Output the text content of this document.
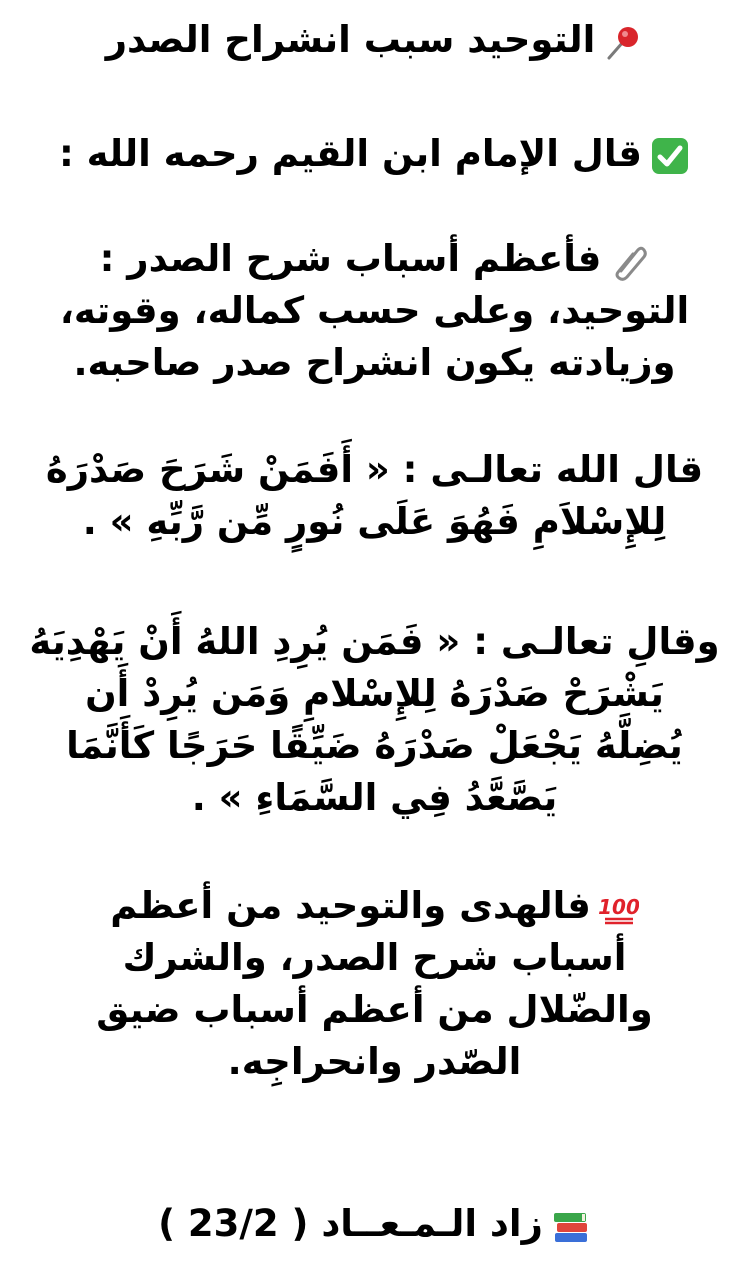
التوحيد سبب انشراح الصدر
قال الإمام ابن القيم رحمه الله :
فأعظم أسباب شرح الصدر :
التوحيد، وعلى حسب كماله، وقوته،
وزيادته يكون انشراح صدر صاحبه.
قال الله تعالـى : « أَفَمَنْ شَرَحَ صَدْرَهُ
لِلإِسْلاَمِ فَهُوَ عَلَى نُورٍ مِّن رَّبِّهِ » .
وقالِ تعالـى : « فَمَن يُرِدِ اللهُ أَنْ يَهْدِيَهُ
يَشْرَحْ صَدْرَهُ لِلإِسْلامِ وَمَن يُرِدْ أَن
يُضِلَّهُ يَجْعَلْ صَدْرَهُ ضَيِّقًا حَرَجًا كَأَنَّمَا
يَصَّعَّدُ فِي السَّمَاءِ » .
100
فالهدى والتوحيد من أعظم
أسباب شرح الصدر، والشرك
والضّلال من أعظم أسباب ضيق
الصّدر وانحراجِه.
زاد الـمـعــاد ( 23/2 )
